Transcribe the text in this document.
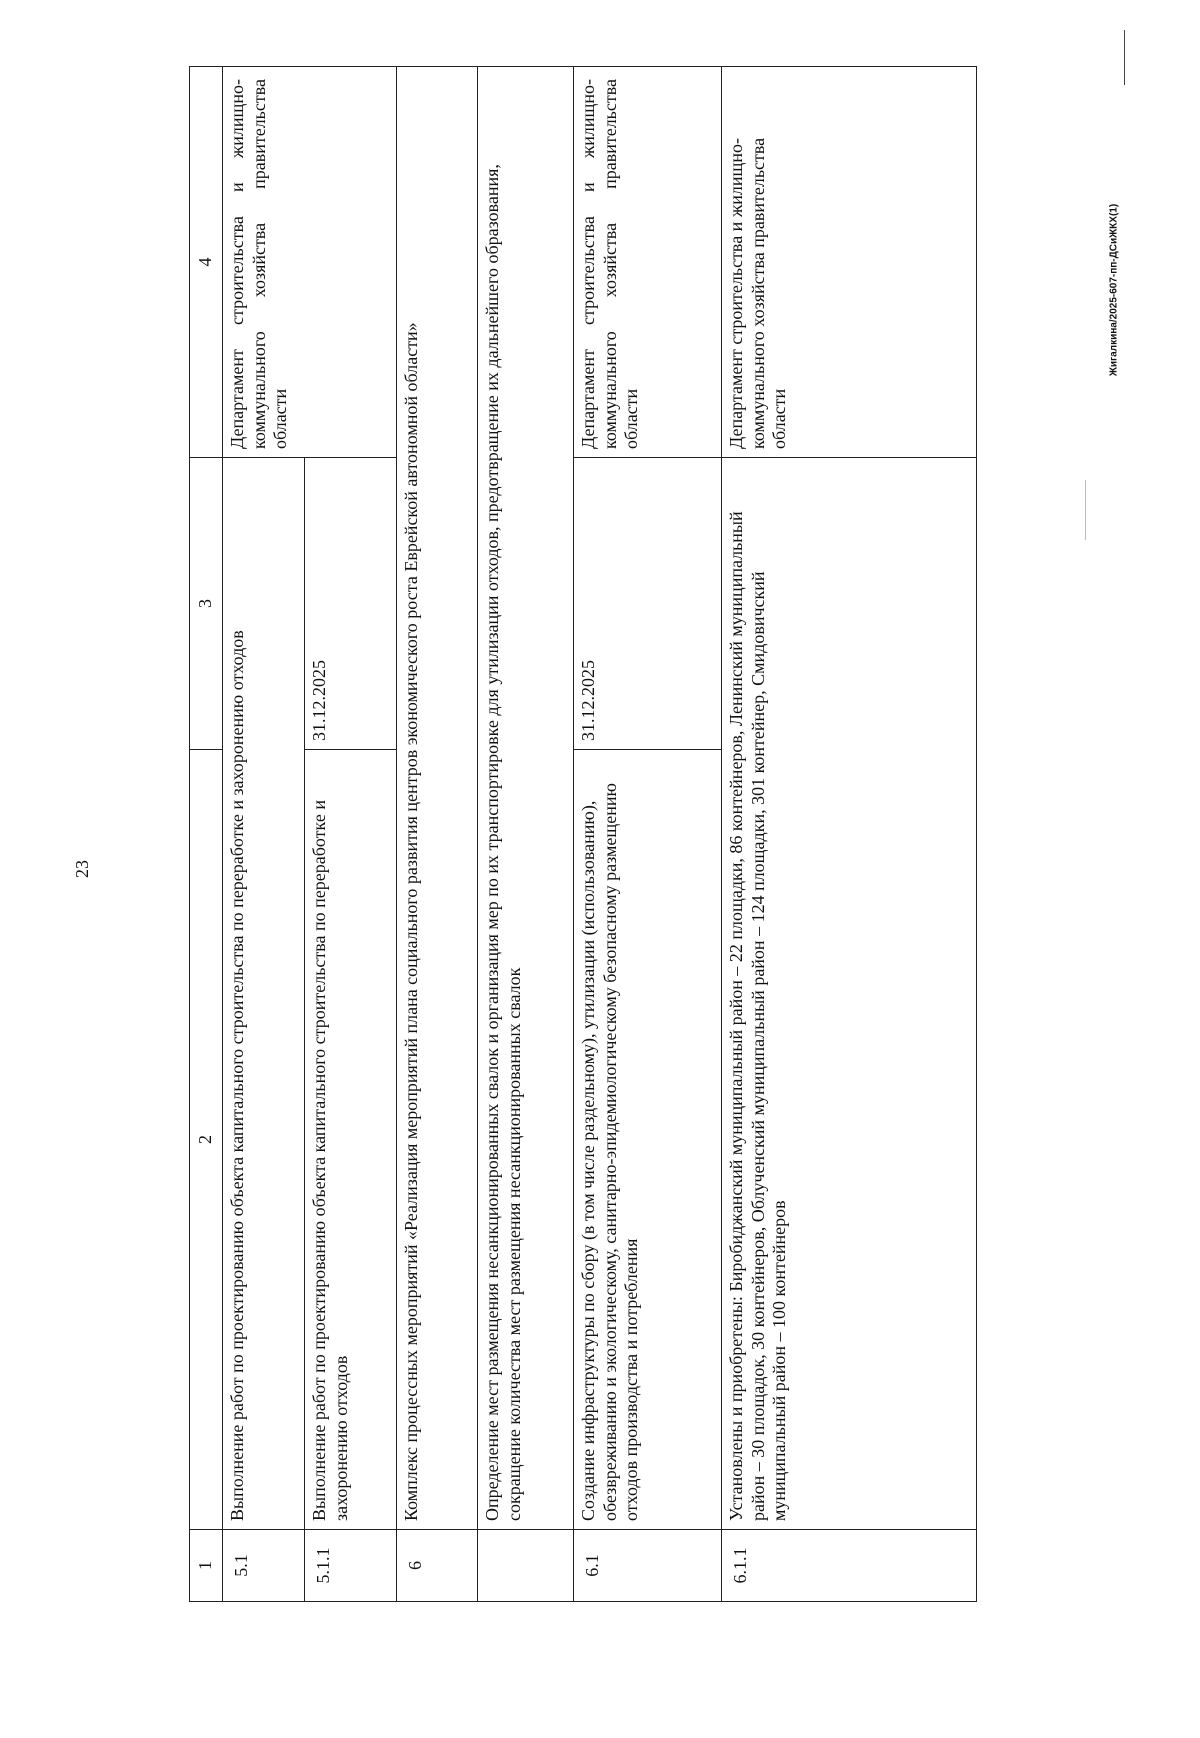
23
Жигалкина/2025-607-пп-ДСиЖКХ(1)
1	2	3	4
5.1	Выполнение работ по проектированию объекта капитального строительства по переработке и захоронению отходов		Департамент строительства и жилищно-коммунального хозяйства правительства области
5.1.1	Выполнение работ по проектированию объекта капитального строительства по переработке и захоронению отходов	31.12.2025	
6	Комплекс процессных мероприятий «Реализация мероприятий плана социального развития центров экономического роста Еврейской автономной области»		
	Определение мест размещения несанкционированных свалок и организация мер по их транспортировке для утилизации отходов, предотвращение их дальнейшего образования, сокращение количества мест размещения несанкционированных свалок		
6.1	Создание инфраструктуры по сбору (в том числе раздельному), утилизации (использованию), обезвреживанию и экологическому, санитарно-эпидемиологическому безопасному размещению отходов производства и потребления	31.12.2025	Департамент строительства и жилищно-коммунального хозяйства правительства области
6.1.1	Установлены и приобретены: Биробиджанский муниципальный район – 22 площадки, 86 контейнеров, Ленинский муниципальный район – 30 площадок, 30 контейнеров, Облученский муниципальный район – 124 площадки, 301 контейнер, Смидовичский муниципальный район – 100 контейнеров		Департамент строительства и жилищно-коммунального хозяйства правительства области
